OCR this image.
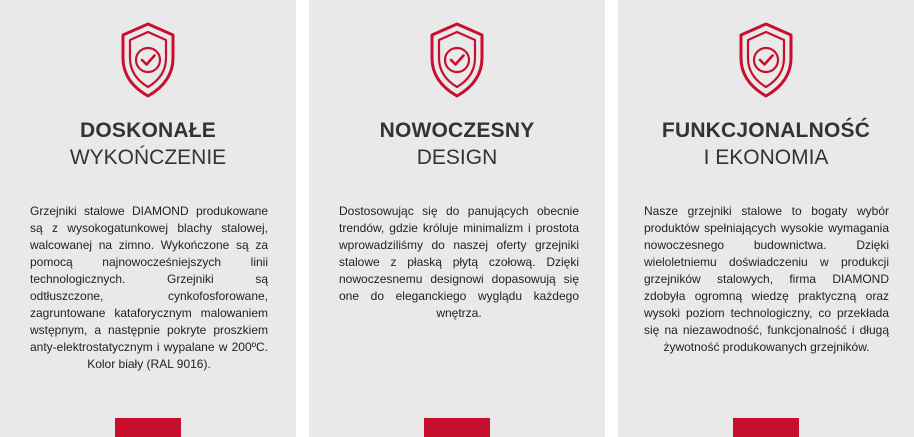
DOSKONAŁE
WYKOŃCZENIE
Grzejniki stalowe DIAMOND produkowane są z wysokogatunkowej blachy stalowej, walcowanej na zimno. Wykończone są za pomocą najnowocześniejszych linii technologicznych. Grzejniki są odtłuszczone, cynkofosforowane, zagruntowane kataforycznym malowaniem wstępnym, a następnie pokryte proszkiem anty-elektrostatycznym i wypalane w 200ºC. Kolor biały (RAL 9016).
NOWOCZESNY
DESIGN
Dostosowując się do panujących obecnie trendów, gdzie króluje minimalizm i prostota wprowadziliśmy do naszej oferty grzejniki stalowe z płaską płytą czołową. Dzięki nowoczesnemu designowi dopasowują się one do eleganckiego wyglądu każdego wnętrza.
FUNKCJONALNOŚĆ
I EKONOMIA
Nasze grzejniki stalowe to bogaty wybór produktów spełniających wysokie wymagania nowoczesnego budownictwa. Dzięki wieloletniemu doświadczeniu w produkcji grzejników stalowych, firma DIAMOND zdobyła ogromną wiedzę praktyczną oraz wysoki poziom technologiczny, co przekłada się na niezawodność, funkcjonalność i długą żywotność produkowanych grzejników.
